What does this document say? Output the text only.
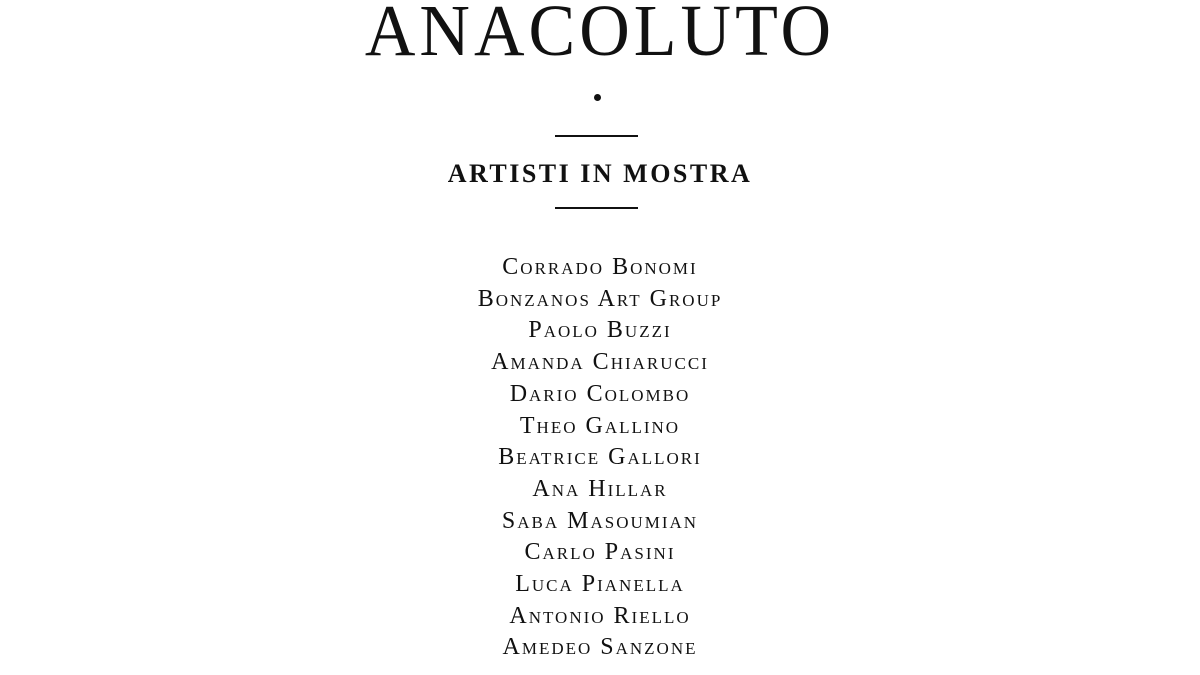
ANACOLUTO
ARTISTI IN MOSTRA
Corrado Bonomi
Bonzanos Art Group
Paolo Buzzi
Amanda Chiarucci
Dario Colombo
Theo Gallino
Beatrice Gallori
Ana Hillar
Saba Masoumian
Carlo Pasini
Luca Pianella
Antonio Riello
Amedeo Sanzone
